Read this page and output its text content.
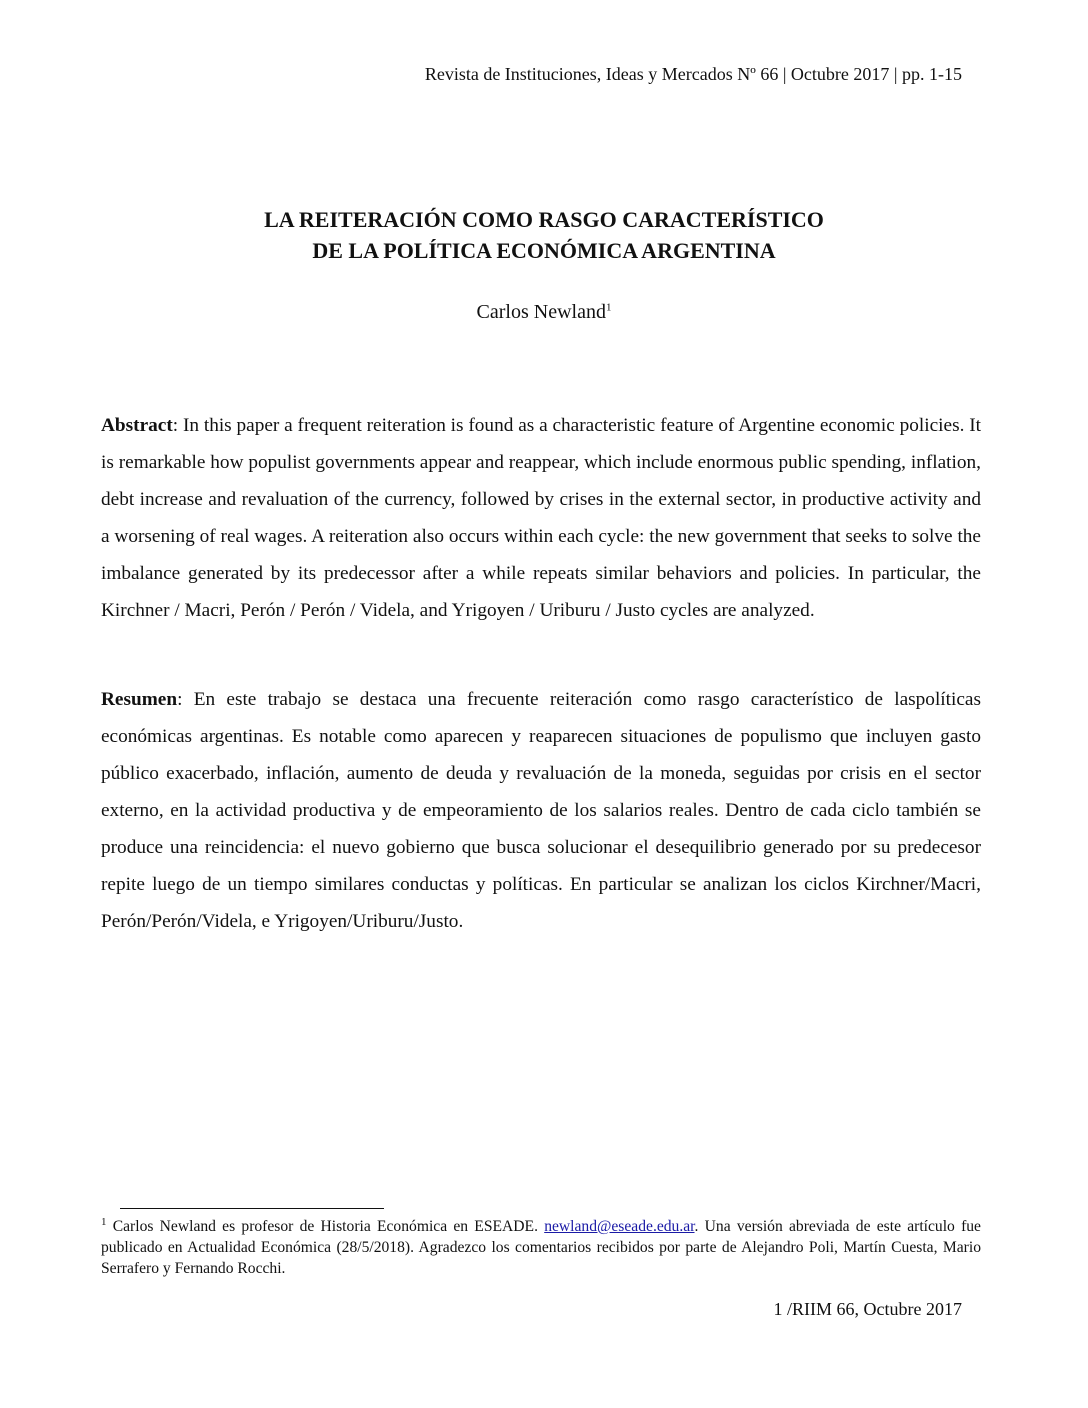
Revista de Instituciones, Ideas y Mercados Nº 66 | Octubre 2017 | pp. 1-15
LA REITERACIÓN COMO RASGO CARACTERÍSTICO
DE LA POLÍTICA ECONÓMICA ARGENTINA
Carlos Newland$^1$

Abstract: In this paper a frequent reiteration is found as a characteristic feature of Argentine economic policies. It is remarkable how populist governments appear and reappear, which include enormous public spending, inflation, debt increase and revaluation of the currency, followed by crises in the external sector, in productive activity and a worsening of real wages. A reiteration also occurs within each cycle: the new government that seeks to solve the imbalance generated by its predecessor after a while repeats similar behaviors and policies. In particular, the Kirchner / Macri, Perón / Perón / Videla, and Yrigoyen / Uriburu / Justo cycles are analyzed.

Resumen: En este trabajo se destaca una frecuente reiteración como rasgo característico de laspolíticas económicas argentinas. Es notable como aparecen y reaparecen situaciones de populismo que incluyen gasto público exacerbado, inflación, aumento de deuda y revaluación de la moneda, seguidas por crisis en el sector externo, en la actividad productiva y de empeoramiento de los salarios reales. Dentro de cada ciclo también se produce una reincidencia: el nuevo gobierno que busca solucionar el desequilibrio generado por su predecesor repite luego de un tiempo similares conductas y políticas. En particular se analizan los ciclos Kirchner/Macri, Perón/Perón/Videla, e Yrigoyen/Uriburu/Justo.

$^1$ Carlos Newland es profesor de Historia Económica en ESEADE. newland@eseade.edu.ar. Una versión abreviada de este artículo fue publicado en Actualidad Económica (28/5/2018). Agradezco los comentarios recibidos por parte de Alejandro Poli, Martín Cuesta, Mario Serrafero y Fernando Rocchi.

1 /RIIM 66, Octubre 2017
